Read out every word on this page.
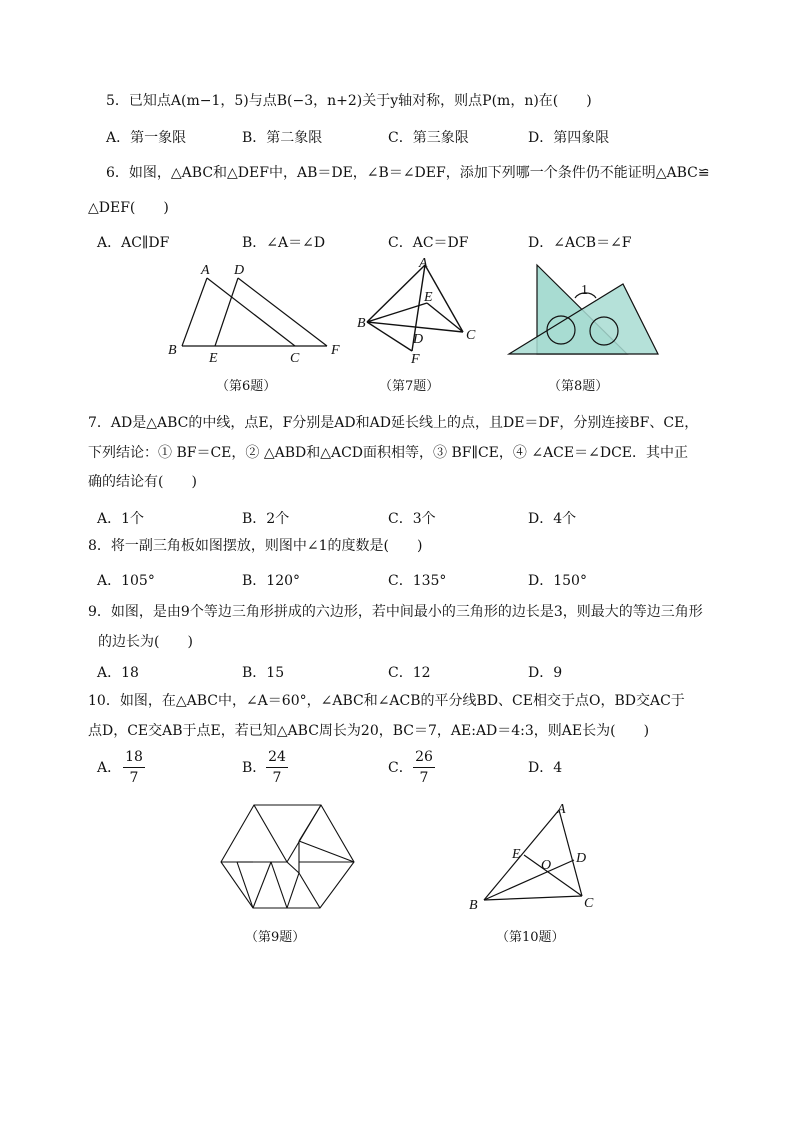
5．已知点A(m−1，5)与点B(−3，n+2)关于y轴对称，则点P(m，n)在(　　)
A．第一象限	B．第二象限	C．第三象限	D．第四象限
6．如图，△ABC和△DEF中，AB＝DE，∠B＝∠DEF，添加下列哪一个条件仍不能证明△ABC≌
△DEF(　　)
A．AC∥DF	B．∠A＝∠D	C．AC＝DF	D．∠ACB＝∠F
A D
E
B
C
F
（第6题）
A
E
B
D	C
F
（第7题）
1
（第8题）
7．AD是△ABC的中线，点E，F分别是AD和AD延长线上的点，且DE＝DF，分别连接BF、CE，
下列结论：① BF＝CE，② △ABD和△ACD面积相等，③ BF∥CE，④ ∠ACE＝∠DCE．其中正
确的结论有(　　)
A．1个	B．2个	C．3个	D．4个
8．将一副三角板如图摆放，则图中∠1的度数是(　　)
A．105°	B．120°	C．135°	D．150°
9．如图，是由9个等边三角形拼成的六边形，若中间最小的三角形的边长是3，则最大的等边三角形
的边长为(　　)
A．18	B．15	C．12	D．9
10．如图，在△ABC中，∠A＝60°，∠ABC和∠ACB的平分线BD、CE相交于点O，BD交AC于
点D，CE交AB于点E，若已知△ABC周长为20，BC＝7，AE:AD＝4:3，则AE长为(　　)
A．	B．	C．	D．4
18
7
24
7
26
7
（第9题）
A
E
O D
B	C
（第10题）
